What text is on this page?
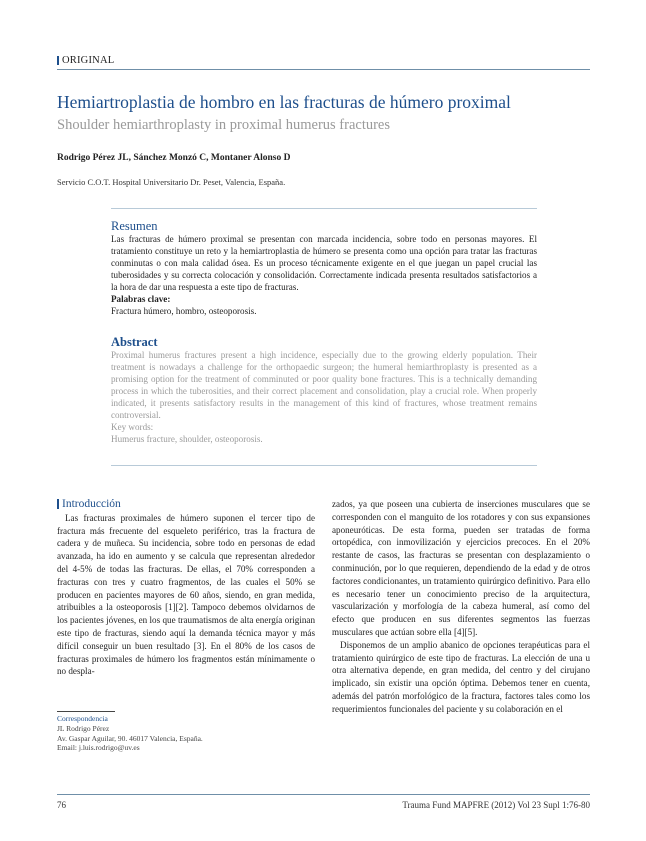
ORIGINAL
Hemiartroplastia de hombro en las fracturas de húmero proximal
Shoulder hemiarthroplasty in proximal humerus fractures
Rodrigo Pérez JL, Sánchez Monzó C, Montaner Alonso D
Servicio C.O.T. Hospital Universitario Dr. Peset, Valencia, España.
Resumen
Las fracturas de húmero proximal se presentan con marcada incidencia, sobre todo en personas mayores. El tratamiento constituye un reto y la hemiartroplastia de húmero se presenta como una opción para tratar las fracturas conminutas o con mala calidad ósea. Es un proceso técnicamente exigente en el que juegan un papel crucial las tuberosidades y su correcta colocación y consolidación. Correctamente indicada presenta resultados satisfactorios a la hora de dar una respuesta a este tipo de fracturas.
Palabras clave:
Fractura húmero, hombro, osteoporosis.
Abstract
Proximal humerus fractures present a high incidence, especially due to the growing elderly population. Their treatment is nowadays a challenge for the orthopaedic surgeon; the humeral hemiarthroplasty is presented as a promising option for the treatment of comminuted or poor quality bone fractures. This is a technically demanding process in which the tuberosities, and their correct placement and consolidation, play a crucial role. When properly indicated, it presents satisfactory results in the management of this kind of fractures, whose treatment remains controversial.
Key words:
Humerus fracture, shoulder, osteoporosis.
Introducción

Las fracturas proximales de húmero suponen el tercer tipo de fractura más frecuente del esqueleto periférico, tras la fractura de cadera y de muñeca. Su incidencia, sobre todo en personas de edad avanzada, ha ido en aumento y se calcula que representan alrededor del 4-5% de todas las fracturas. De ellas, el 70% corresponden a fracturas con tres y cuatro fragmentos, de las cuales el 50% se producen en pacientes mayores de 60 años, siendo, en gran medida, atribuibles a la osteoporosis [1][2]. Tampoco debemos olvidarnos de los pacientes jóvenes, en los que traumatismos de alta energía originan este tipo de fracturas, siendo aquí la demanda técnica mayor y más difícil conseguir un buen resultado [3]. En el 80% de los casos de fracturas proximales de húmero los fragmentos están mínimamente o no despla-

zados, ya que poseen una cubierta de inserciones musculares que se corresponden con el manguito de los rotadores y con sus expansiones aponeuróticas. De esta forma, pueden ser tratadas de forma ortopédica, con inmovilización y ejercicios precoces. En el 20% restante de casos, las fracturas se presentan con desplazamiento o conminución, por lo que requieren, dependiendo de la edad y de otros factores condicionantes, un tratamiento quirúrgico definitivo. Para ello es necesario tener un conocimiento preciso de la arquitectura, vascularización y morfología de la cabeza humeral, así como del efecto que producen en sus diferentes segmentos las fuerzas musculares que actúan sobre ella [4][5].

Disponemos de un amplio abanico de opciones terapéuticas para el tratamiento quirúrgico de este tipo de fracturas. La elección de una u otra alternativa depende, en gran medida, del centro y del cirujano implicado, sin existir una opción óptima. Debemos tener en cuenta, además del patrón morfológico de la fractura, factores tales como los requerimientos funcionales del paciente y su colaboración en el

Correspondencia
JL Rodrigo Pérez
Av. Gaspar Aguilar, 90. 46017 Valencia, España.
Email: j.luis.rodrigo@uv.es
76	Trauma Fund MAPFRE (2012) Vol 23 Supl 1:76-80
